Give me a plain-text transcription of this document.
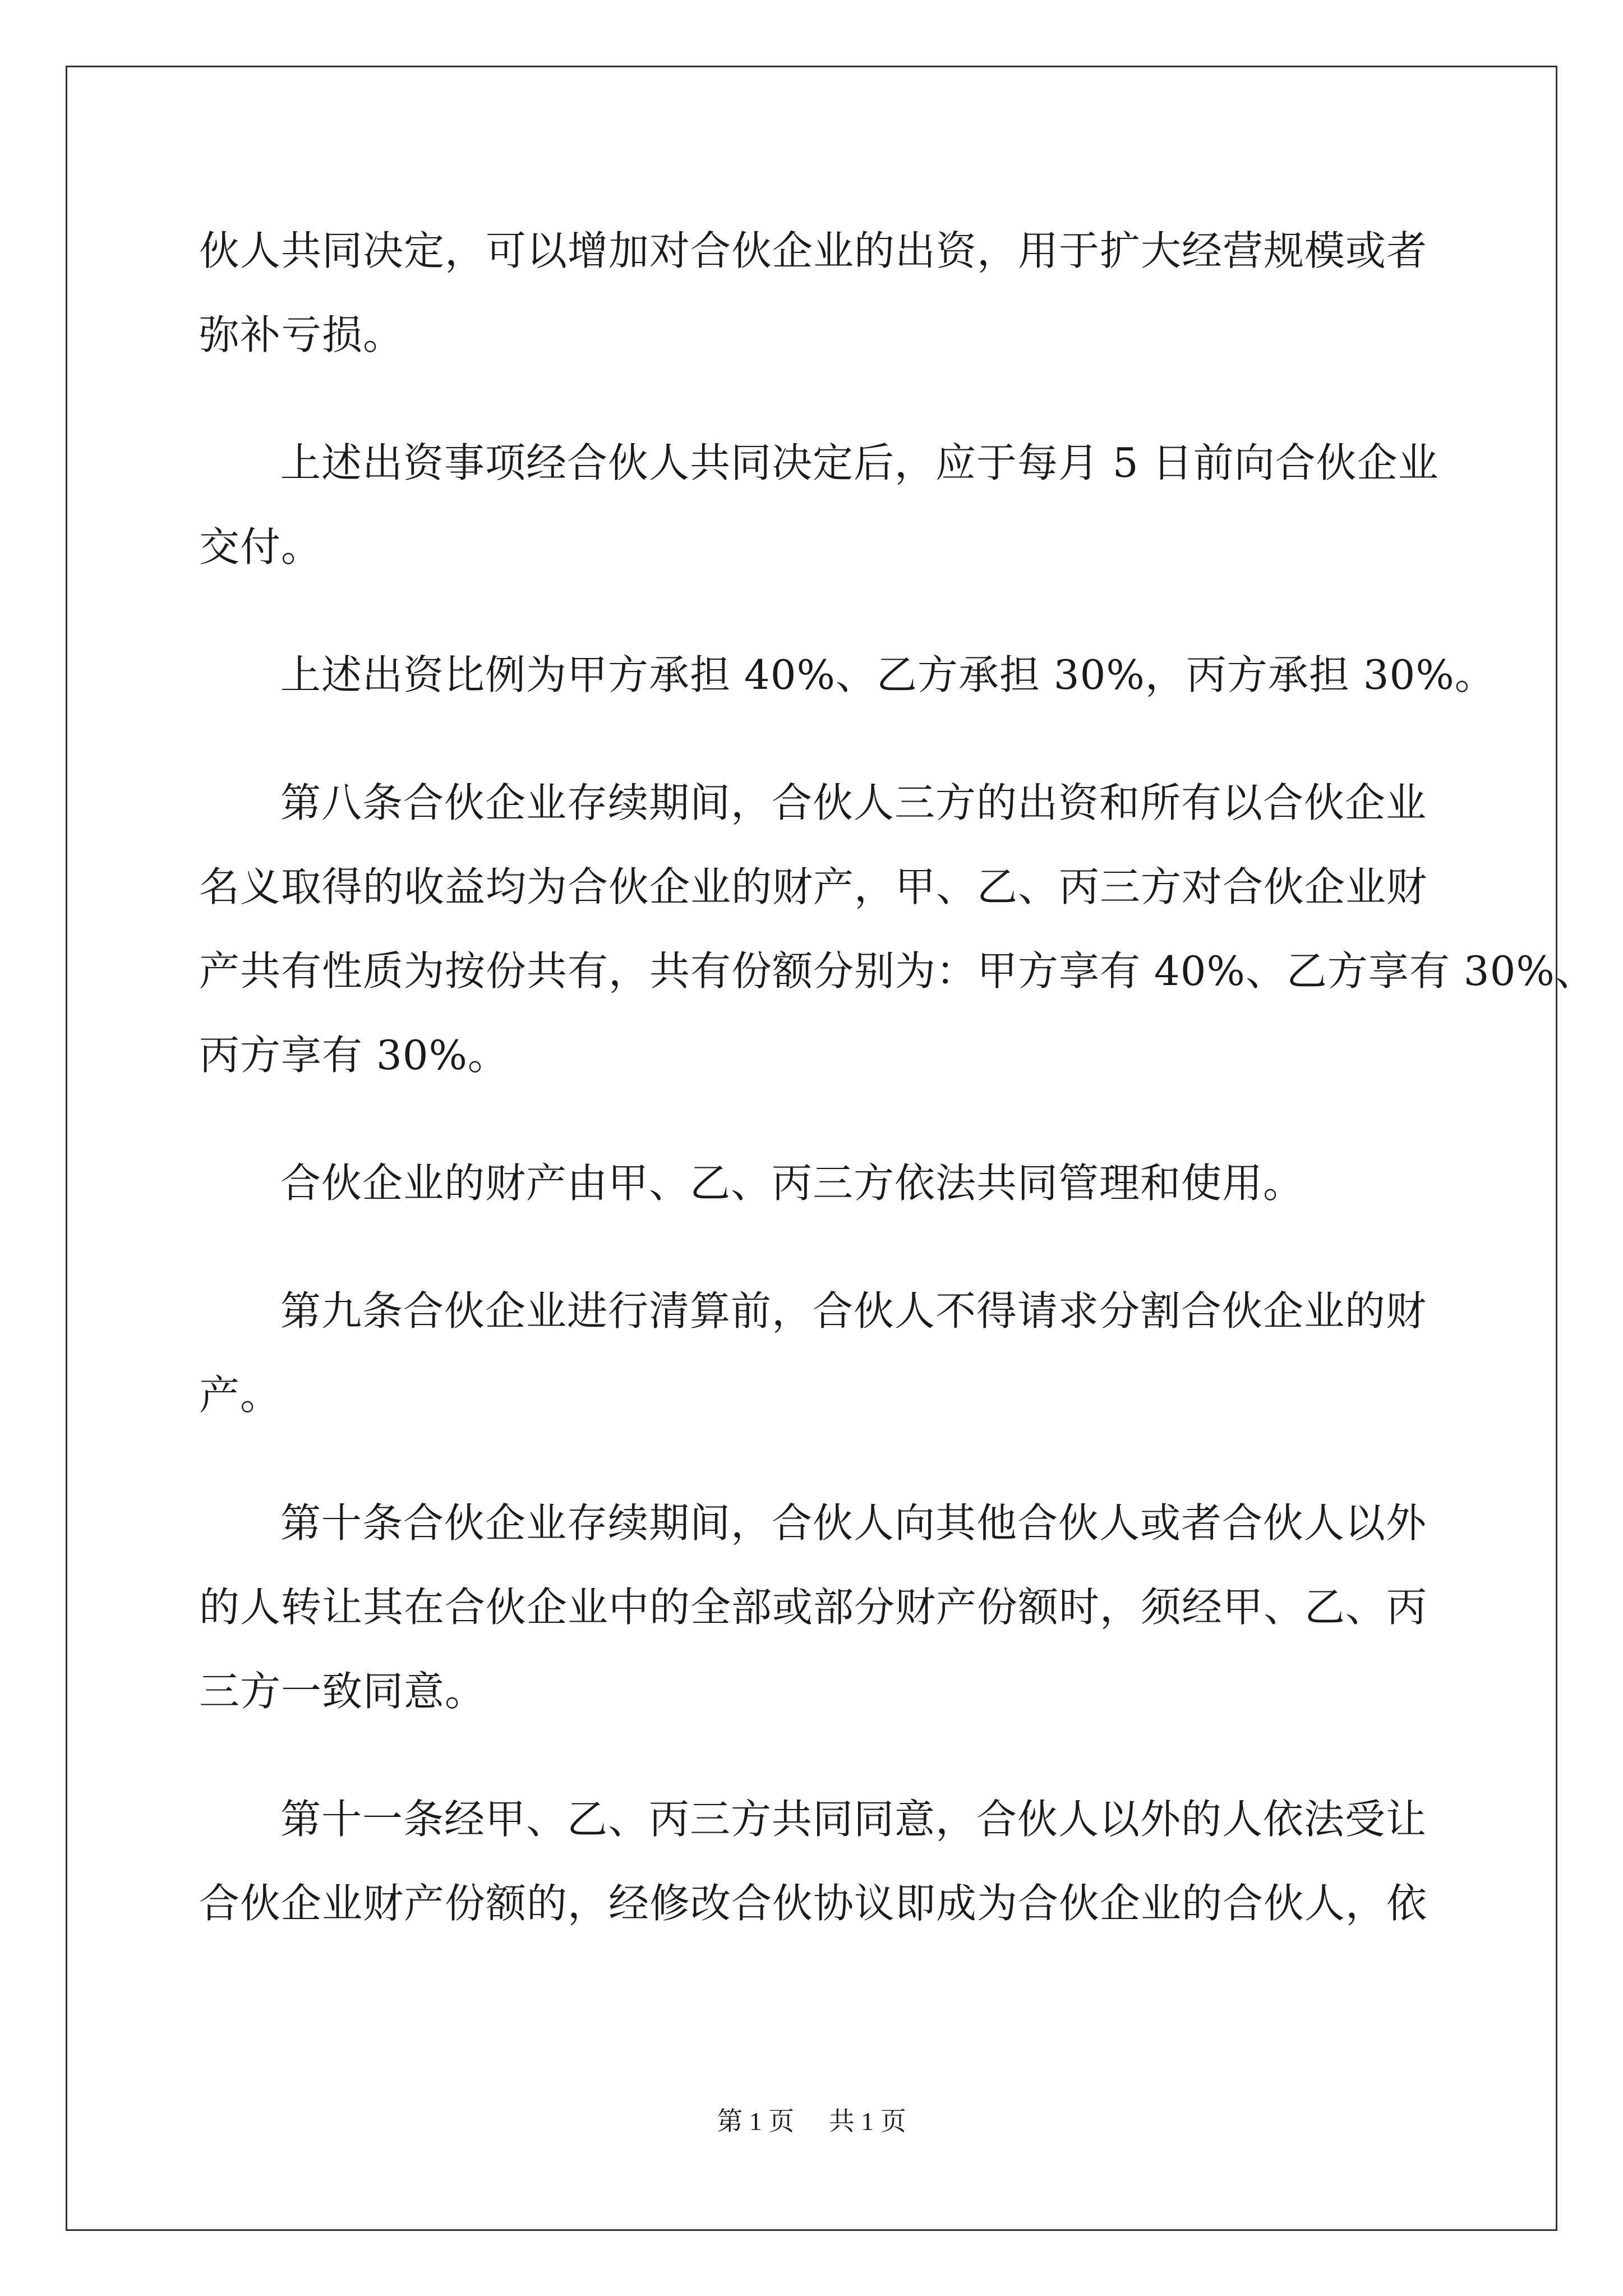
伙人共同决定，可以增加对合伙企业的出资，用于扩大经营规模或者
弥补亏损。

上述出资事项经合伙人共同决定后，应于每月 5 日前向合伙企业
交付。

上述出资比例为甲方承担 40%、乙方承担 30%，丙方承担 30%。

第八条合伙企业存续期间，合伙人三方的出资和所有以合伙企业
名义取得的收益均为合伙企业的财产，甲、乙、丙三方对合伙企业财
产共有性质为按份共有，共有份额分别为：甲方享有 40%、乙方享有 30%、
丙方享有 30%。

合伙企业的财产由甲、乙、丙三方依法共同管理和使用。

第九条合伙企业进行清算前，合伙人不得请求分割合伙企业的财
产。

第十条合伙企业存续期间，合伙人向其他合伙人或者合伙人以外
的人转让其在合伙企业中的全部或部分财产份额时，须经甲、乙、丙
三方一致同意。

第十一条经甲、乙、丙三方共同同意，合伙人以外的人依法受让
合伙企业财产份额的，经修改合伙协议即成为合伙企业的合伙人，依

第 1 页 共 1 页
